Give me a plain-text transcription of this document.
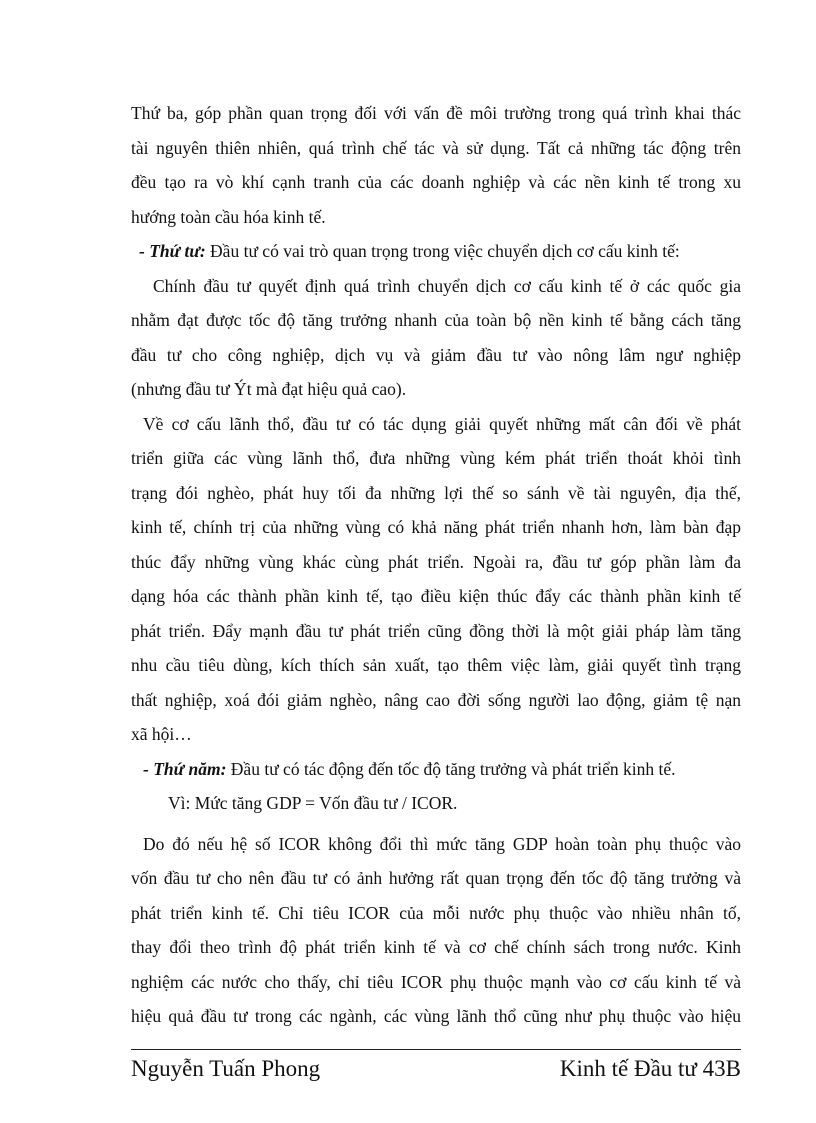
Thứ ba, góp phần quan trọng đối với vấn đề môi trường trong quá trình khai thác
tài nguyên thiên nhiên, quá trình chế tác và sử dụng. Tất cả những tác động trên
đều tạo ra vò khí cạnh tranh của các doanh nghiệp và các nền kinh tế trong xu
hướng toàn cầu hóa kinh tế.
- Thứ tư: Đầu tư có vai trò quan trọng trong việc chuyển dịch cơ cấu kinh tế:
Chính đầu tư quyết định quá trình chuyển dịch cơ cấu kinh tế ở các quốc gia
nhằm đạt được tốc độ tăng trưởng nhanh của toàn bộ nền kinh tế bằng cách tăng
đầu tư cho công nghiệp, dịch vụ và giảm đầu tư vào nông lâm ngư nghiệp
(nhưng đầu tư Ýt mà đạt hiệu quả cao).
Về cơ cấu lãnh thổ, đầu tư có tác dụng giải quyết những mất cân đối về phát
triển giữa các vùng lãnh thổ, đưa những vùng kém phát triển thoát khỏi tình
trạng đói nghèo, phát huy tối đa những lợi thế so sánh về tài nguyên, địa thế,
kinh tế, chính trị của những vùng có khả năng phát triển nhanh hơn, làm bàn đạp
thúc đẩy những vùng khác cùng phát triển. Ngoài ra, đầu tư góp phần làm đa
dạng hóa các thành phần kinh tế, tạo điều kiện thúc đẩy các thành phần kinh tế
phát triển. Đẩy mạnh đầu tư phát triển cũng đồng thời là một giải pháp làm tăng
nhu cầu tiêu dùng, kích thích sản xuất, tạo thêm việc làm, giải quyết tình trạng
thất nghiệp, xoá đói giảm nghèo, nâng cao đời sống người lao động, giảm tệ nạn
xã hội…
- Thứ năm: Đầu tư có tác động đến tốc độ tăng trưởng và phát triển kinh tế.
Vì: Mức tăng GDP = Vốn đầu tư / ICOR.
Do đó nếu hệ số ICOR không đổi thì mức tăng GDP hoàn toàn phụ thuộc vào
vốn đầu tư cho nên đầu tư có ảnh hưởng rất quan trọng đến tốc độ tăng trưởng và
phát triển kinh tế. Chỉ tiêu ICOR của mỗi nước phụ thuộc vào nhiều nhân tố,
thay đổi theo trình độ phát triển kinh tế và cơ chế chính sách trong nước. Kinh
nghiệm các nước cho thấy, chỉ tiêu ICOR phụ thuộc mạnh vào cơ cấu kinh tế và
hiệu quả đầu tư trong các ngành, các vùng lãnh thổ cũng như phụ thuộc vào hiệu
Nguyễn Tuấn Phong	Kinh tế Đầu tư 43B
